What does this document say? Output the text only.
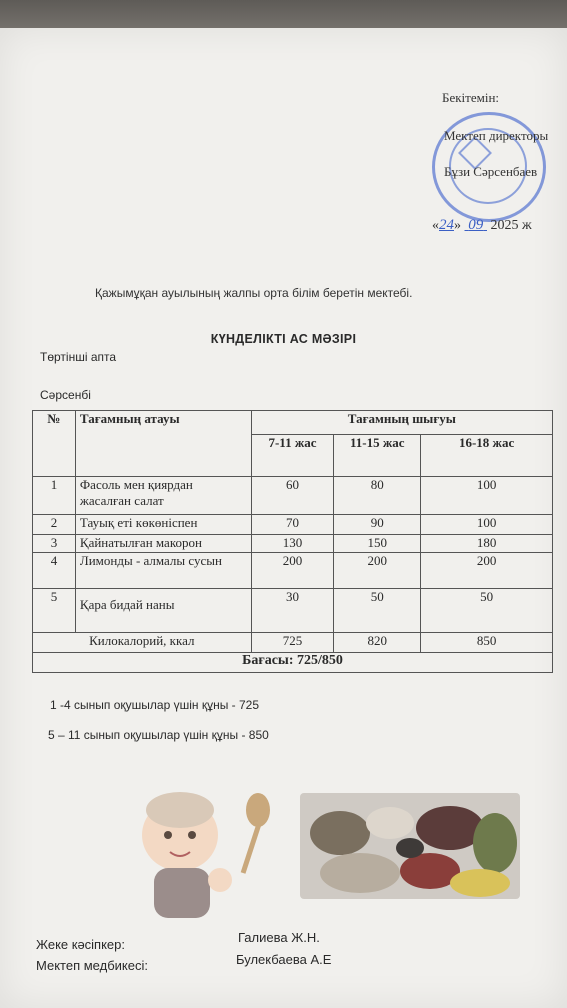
Бекітемін:
Мектеп директоры
Бұзи Сәрсенбаев
«24» 09 2025 ж
Қажымұқан ауылының жалпы орта білім беретін мектебі.
КҮНДЕЛІКТІ АС МӘЗІРІ
Төртінші апта
Сәрсенбі
№	Тағамның атауы	Тағамның шығуы		
		7-11 жас	11-15 жас	16-18 жас
1	Фасоль мен қиярдан жасалған салат	60	80	100
2	Тауық еті көкөніспен	70	90	100
3	Қайнатылған макорон	130	150	180
4	Лимонды - алмалы сусын	200	200	200
5	Қара бидай наны	30	50	50
Килокалорий, ккал		725	820	850
Бағасы: 725/850				
1 -4 сынып оқушылар үшін құны - 725
5 – 11 сынып оқушылар үшін құны - 850
Жеке кәсіпкер:
Мектеп медбикесі:
Галиева Ж.Н.
Булекбаева А.Е
